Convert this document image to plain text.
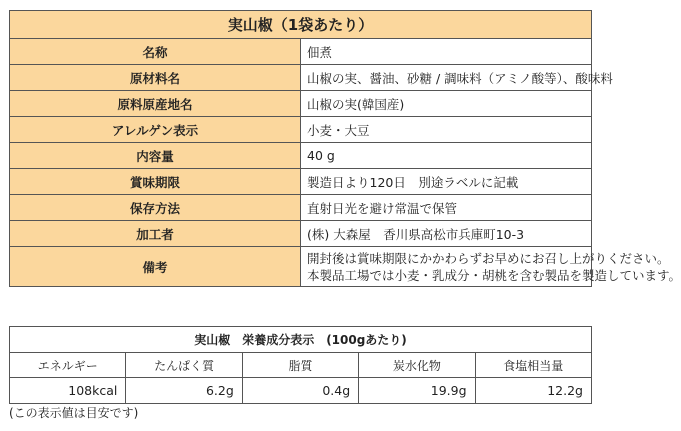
実山椒（1袋あたり）	
名称	佃煮
原材料名	山椒の実、醤油、砂糖 / 調味料（アミノ酸等）、酸味料
原料原産地名	山椒の実(韓国産)
アレルゲン表示	小麦・大豆
内容量	40 g
賞味期限	製造日より120日　別途ラベルに記載
保存方法	直射日光を避け常温で保管
加工者	(株) 大森屋　香川県高松市兵庫町10-3
備考	開封後は賞味期限にかかわらずお早めにお召し上がりください。
本製品工場では小麦・乳成分・胡桃を含む製品を製造しています。
実山椒　栄養成分表示　(100gあたり)				
エネルギー	たんぱく質	脂質	炭水化物	食塩相当量
108kcal	6.2g	0.4g	19.9g	12.2g
(この表示値は目安です)
